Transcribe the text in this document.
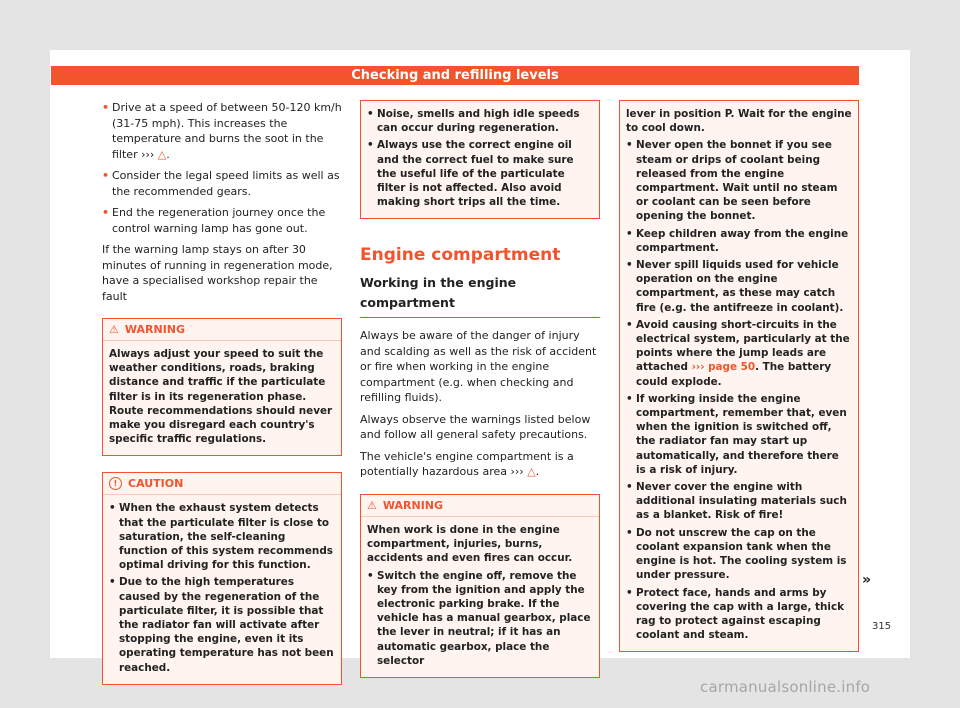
Checking and refilling levels

• Drive at a speed of between 50-120 km/h (31-75 mph). This increases the temperature and burns the soot in the filter ››› △.

• Consider the legal speed limits as well as the recommended gears.

• End the regeneration journey once the control warning lamp has gone out.

If the warning lamp stays on after 30 minutes of running in regeneration mode, have a specialised workshop repair the fault

⚠ WARNING

Always adjust your speed to suit the weather conditions, roads, braking distance and traffic if the particulate filter is in its regeneration phase. Route recommendations should never make you disregard each country's specific traffic regulations.

! CAUTION

• When the exhaust system detects that the particulate filter is close to saturation, the self-cleaning function of this system recommends optimal driving for this function.

• Due to the high temperatures caused by the regeneration of the particulate filter, it is possible that the radiator fan will activate after stopping the engine, even it its operating temperature has not been reached.

• Noise, smells and high idle speeds can occur during regeneration.

• Always use the correct engine oil and the correct fuel to make sure the useful life of the particulate filter is not affected. Also avoid making short trips all the time.

Engine compartment
Working in the engine compartment

Always be aware of the danger of injury and scalding as well as the risk of accident or fire when working in the engine compartment (e.g. when checking and refilling fluids).

Always observe the warnings listed below and follow all general safety precautions.

The vehicle's engine compartment is a potentially hazardous area ››› △.

⚠ WARNING

When work is done in the engine compartment, injuries, burns, accidents and even fires can occur.

• Switch the engine off, remove the key from the ignition and apply the electronic parking brake. If the vehicle has a manual gearbox, place the lever in neutral; if it has an automatic gearbox, place the selector

lever in position P. Wait for the engine to cool down.

• Never open the bonnet if you see steam or drips of coolant being released from the engine compartment. Wait until no steam or coolant can be seen before opening the bonnet.

• Keep children away from the engine compartment.

• Never spill liquids used for vehicle operation on the engine compartment, as these may catch fire (e.g. the antifreeze in coolant).

• Avoid causing short-circuits in the electrical system, particularly at the points where the jump leads are attached ››› page 50. The battery could explode.

• If working inside the engine compartment, remember that, even when the ignition is switched off, the radiator fan may start up automatically, and therefore there is a risk of injury.

• Never cover the engine with additional insulating materials such as a blanket. Risk of fire!

• Do not unscrew the cap on the coolant expansion tank when the engine is hot. The cooling system is under pressure.

• Protect face, hands and arms by covering the cap with a large, thick rag to protect against escaping coolant and steam.

»
315
carmanualsonline.info
